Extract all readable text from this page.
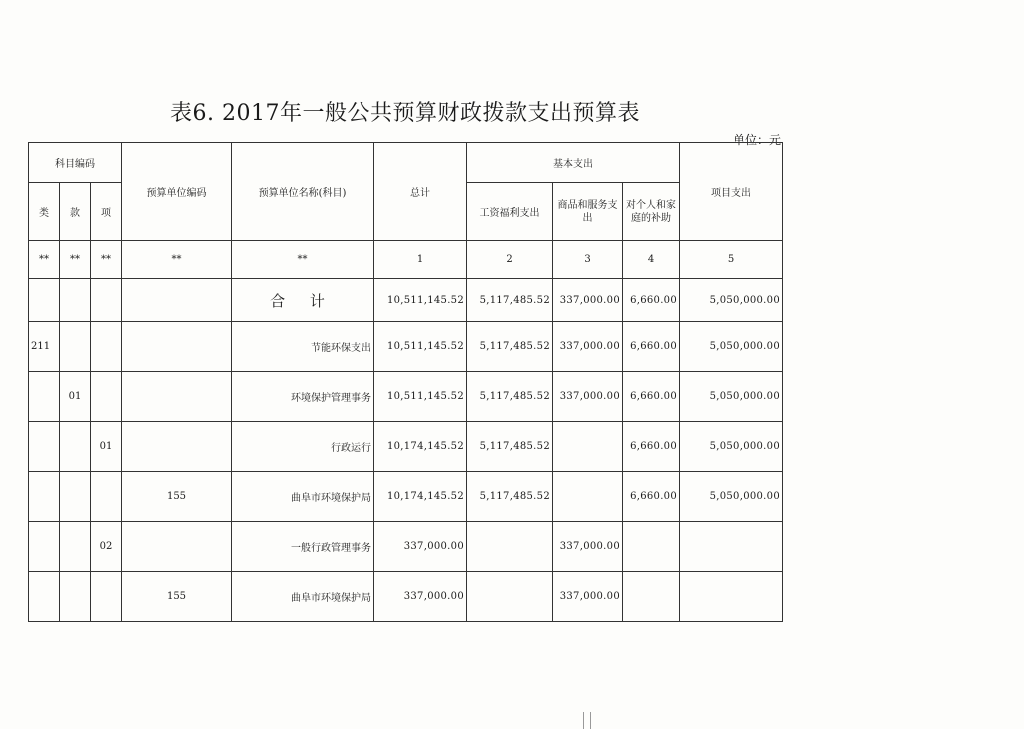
表6. 2017年一般公共预算财政拨款支出预算表
单位：元
科目编码			预算单位编码	预算单位名称(科目)	总计	基本支出			项目支出
类	款	项				工资福利支出	商品和服务支出	对个人和家庭的补助	
**	**	**	**	**	1	2	3	4	5
				合 计	10,511,145.52	5,117,485.52	337,000.00	6,660.00	5,050,000.00
211				节能环保支出	10,511,145.52	5,117,485.52	337,000.00	6,660.00	5,050,000.00
	01			环境保护管理事务	10,511,145.52	5,117,485.52	337,000.00	6,660.00	5,050,000.00
		01		行政运行	10,174,145.52	5,117,485.52		6,660.00	5,050,000.00
			155	曲阜市环境保护局	10,174,145.52	5,117,485.52		6,660.00	5,050,000.00
		02		一般行政管理事务	337,000.00		337,000.00		
			155	曲阜市环境保护局	337,000.00		337,000.00		
